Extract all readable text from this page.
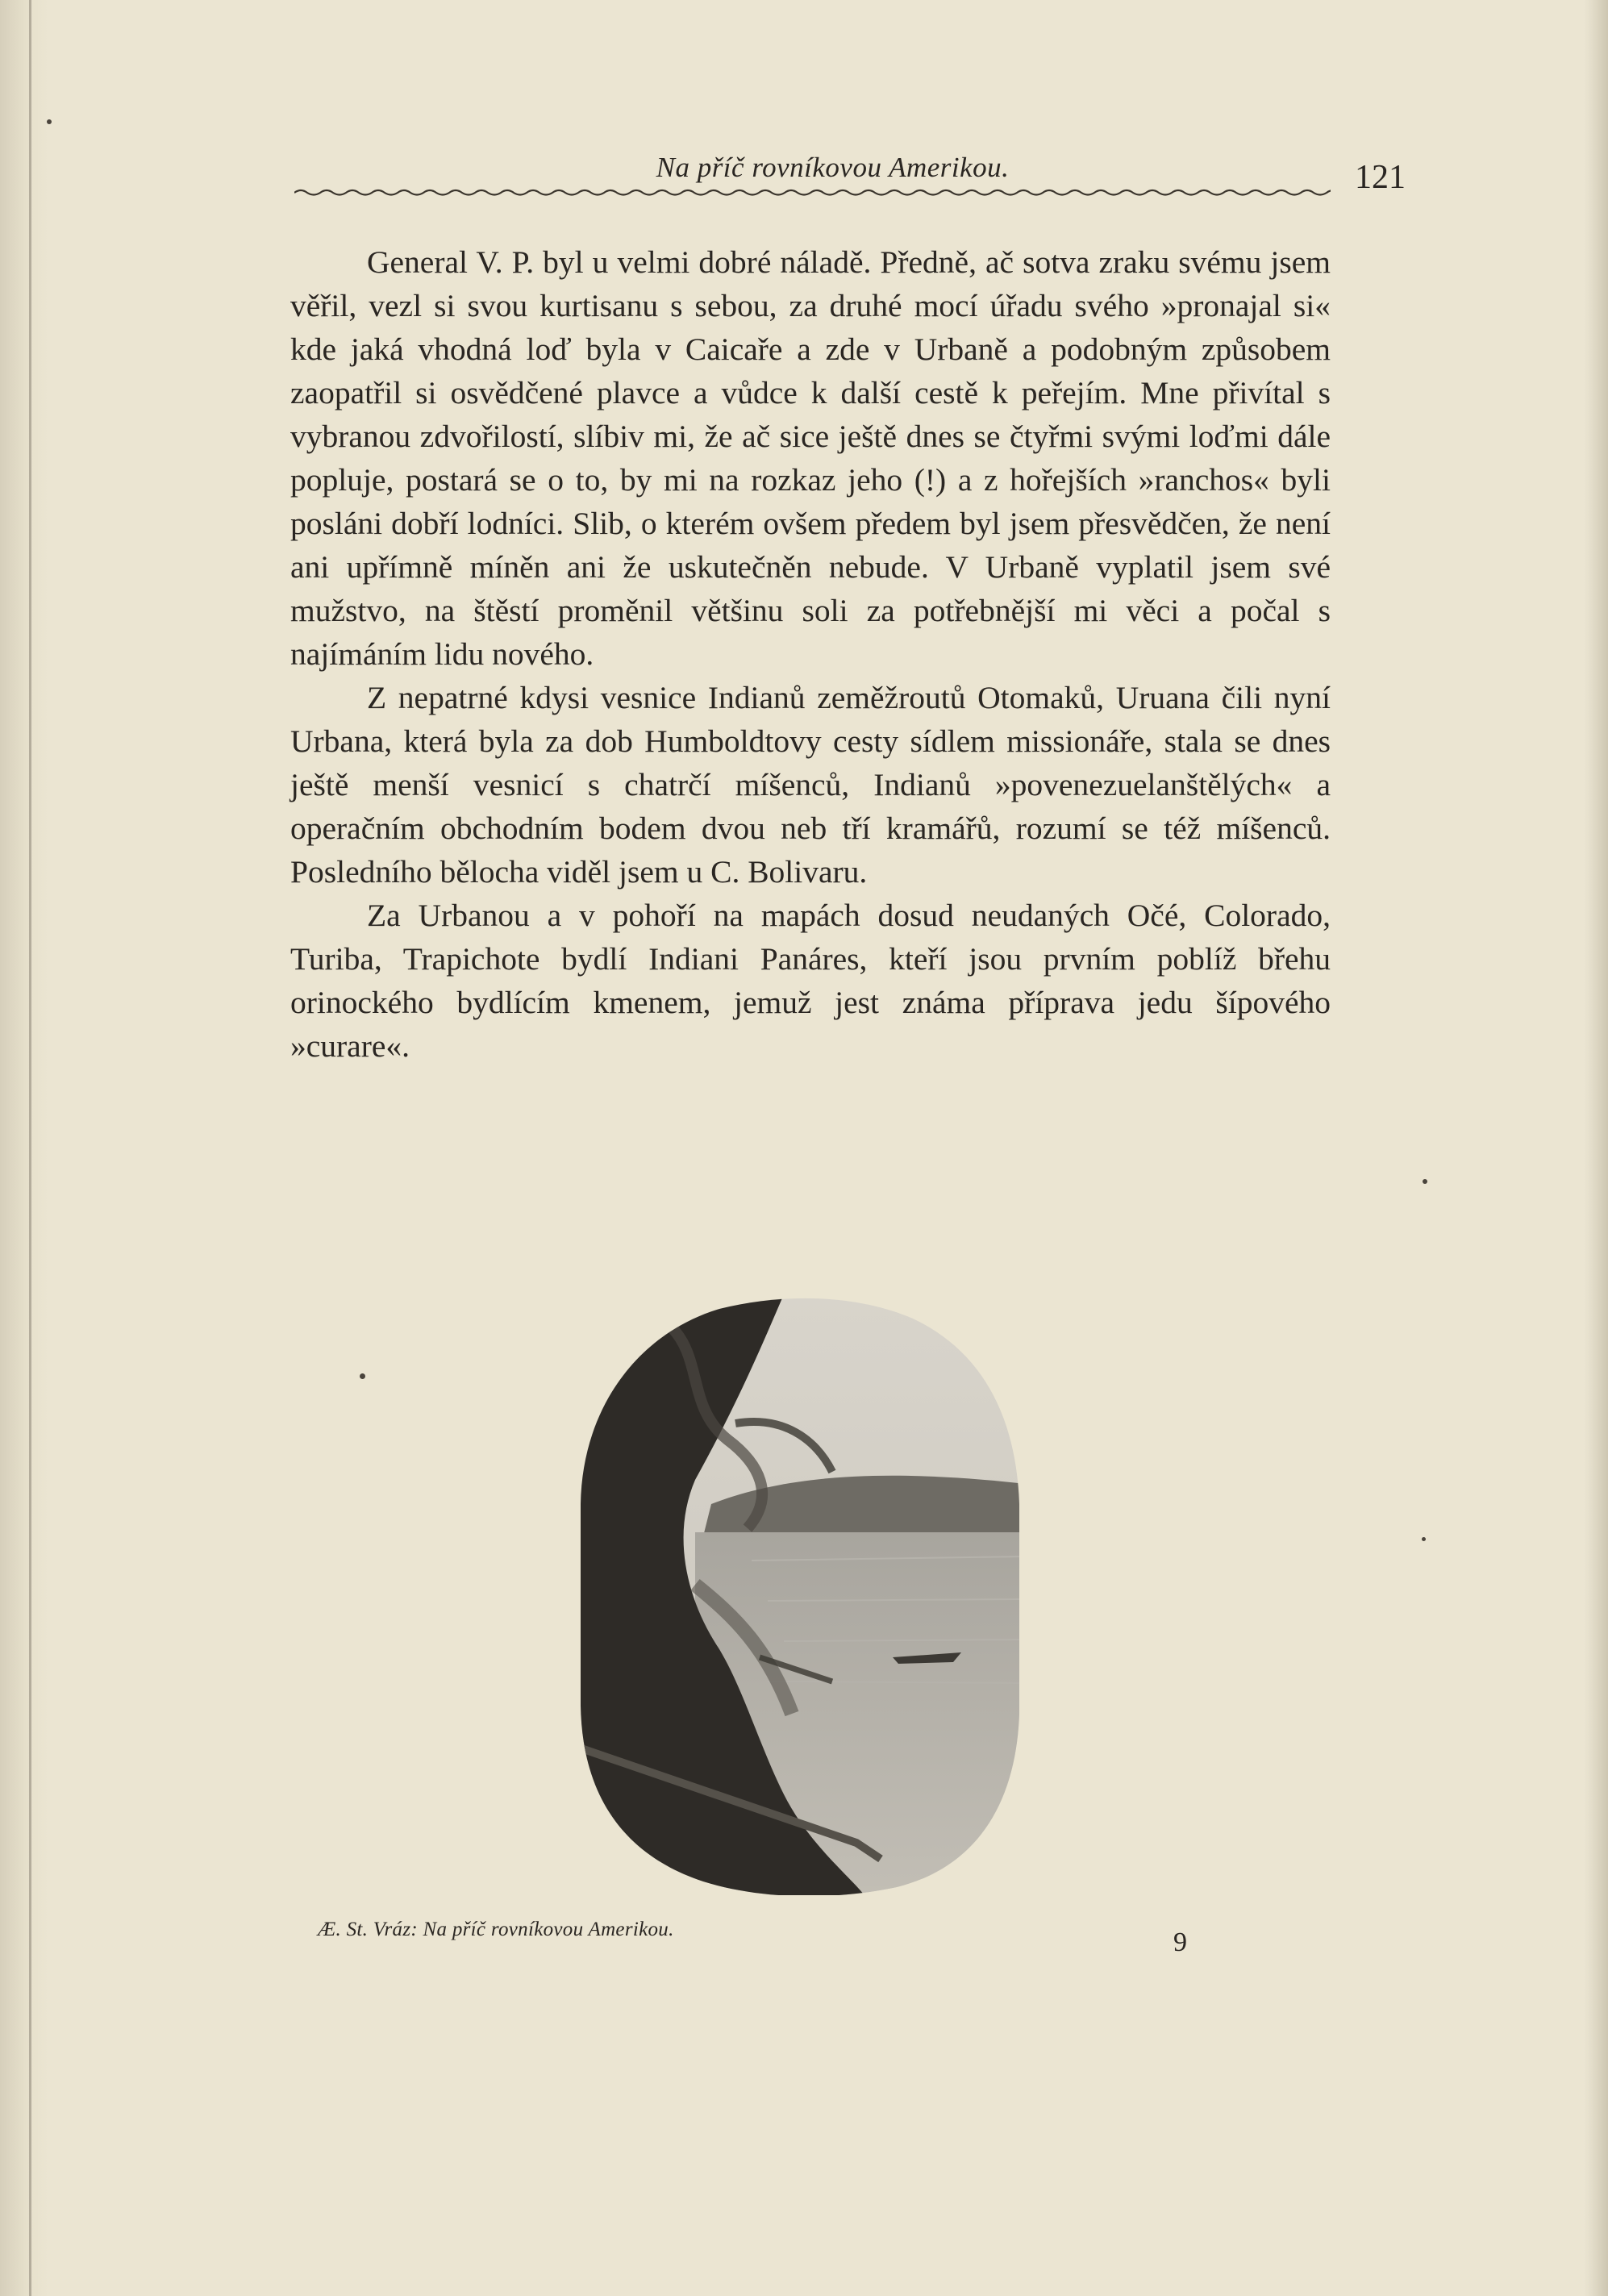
Na příč rovníkovou Amerikou.	121

General V. P. byl u velmi dobré náladě. Předně, ač sotva zraku svému jsem věřil, vezl si svou kurtisanu s sebou, za druhé mocí úřadu svého »pronajal si« kde jaká vhodná loď byla v Caicaře a zde v Urbaně a podobným způsobem zaopatřil si osvědčené plavce a vůdce k další cestě k peřejím. Mne přivítal s vybranou zdvořilostí, slíbiv mi, že ač sice ještě dnes se čtyřmi svými loďmi dále popluje, postará se o to, by mi na rozkaz jeho (!) a z hořejších »ranchos« byli posláni dobří lodníci. Slib, o kterém ovšem předem byl jsem přesvědčen, že není ani upřímně míněn ani že uskutečněn nebude. V Urbaně vyplatil jsem své mužstvo, na štěstí proměnil většinu soli za potřebnější mi věci a počal s najímáním lidu nového.

Z nepatrné kdysi vesnice Indianů zeměžroutů Otomaků, Uruana čili nyní Urbana, která byla za dob Humboldtovy cesty sídlem missionáře, stala se dnes ještě menší vesnicí s chatrčí míšenců, Indianů »povenezuelanštělých« a operačním obchodním bodem dvou neb tří kramářů, rozumí se též míšenců. Posledního bělocha viděl jsem u C. Bolivaru.

Za Urbanou a v pohoří na mapách dosud neudaných Očé, Colorado, Turiba, Trapichote bydlí Indiani Panáres, kteří jsou prvním poblíž břehu orinockého bydlícím kmenem, jemuž jest známa příprava jedu šípového »curare«.

Æ. St. Vráz: Na příč rovníkovou Amerikou.	9
